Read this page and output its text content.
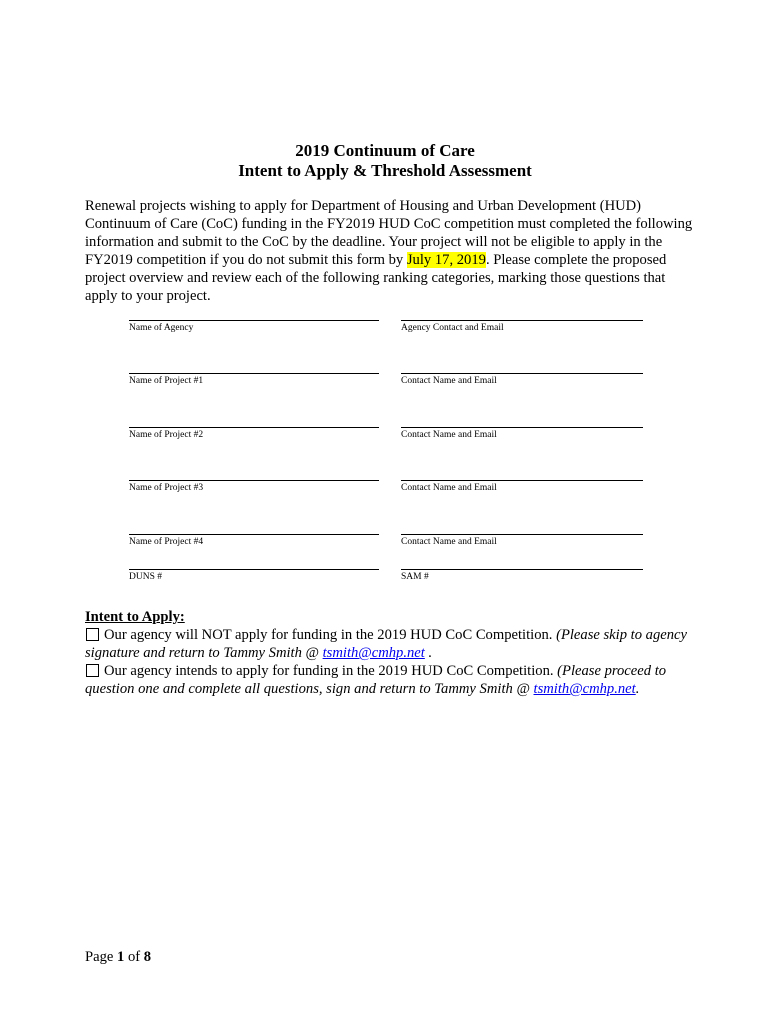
2019 Continuum of Care
Intent to Apply & Threshold Assessment

Renewal projects wishing to apply for Department of Housing and Urban Development (HUD) Continuum of Care (CoC) funding in the FY2019 HUD CoC competition must completed the following information and submit to the CoC by the deadline. Your project will not be eligible to apply in the FY2019 competition if you do not submit this form by July 17, 2019. Please complete the proposed project overview and review each of the following ranking categories, marking those questions that apply to your project.

Name of Agency	Agency Contact and Email
Name of Project #1	Contact Name and Email
Name of Project #2	Contact Name and Email
Name of Project #3	Contact Name and Email
Name of Project #4	Contact Name and Email
DUNS #	SAM #
Intent to Apply:

Our agency will NOT apply for funding in the 2019 HUD CoC Competition. (Please skip to agency signature and return to Tammy Smith @ tsmith@cmhp.net .

Our agency intends to apply for funding in the 2019 HUD CoC Competition. (Please proceed to question one and complete all questions, sign and return to Tammy Smith @ tsmith@cmhp.net.

Page 1 of 8
